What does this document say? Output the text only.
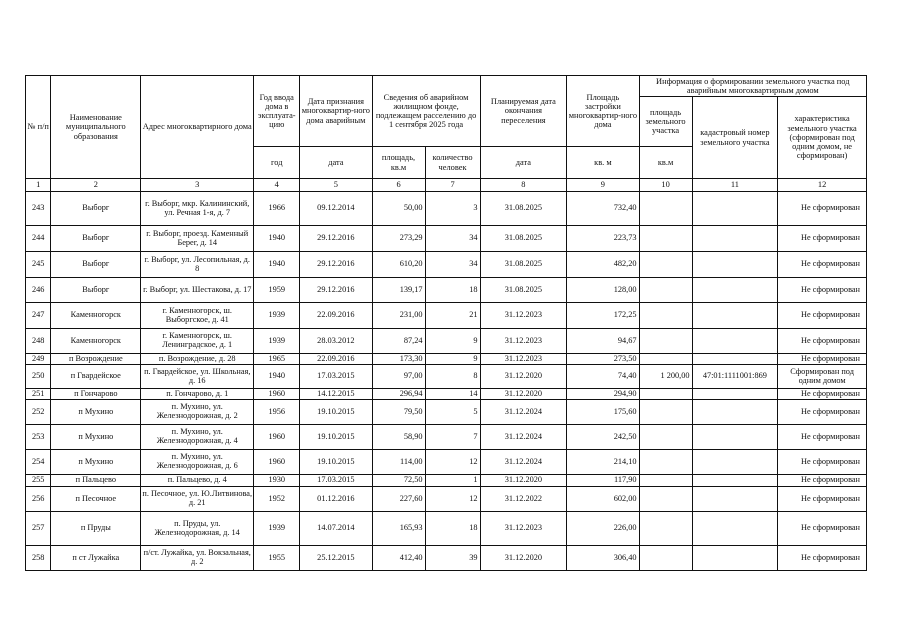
№ п/п	Наименование муниципального образования	Адрес многоквартирного дома	Год ввода дома в эксплуата-цию	Дата признания многоквартир-ного дома аварийным	Сведения об аварийном жилищном фонде, подлежащем расселению до 1 сентября 2025 года		Планируемая дата окончания переселения	Площадь застройки многоквартир-ного дома	Информация о формировании земельного участка под аварийным многоквартирным домом		
									площадь земельного участка	кадастровый номер земельного участка	характеристика земельного участка (сформирован под одним домом, не сформирован)
			год	дата	площадь, кв.м	количество человек	дата	кв. м	кв.м		
1	2	3	4	5	6	7	8	9	10	11	12
243	Выборг	г. Выборг, мкр. Калининский, ул. Речная 1-я, д. 7	1966	09.12.2014	50,00	3	31.08.2025	732,40			Не сформирован
244	Выборг	г. Выборг, проезд. Каменный Берег, д. 14	1940	29.12.2016	273,29	34	31.08.2025	223,73			Не сформирован
245	Выборг	г. Выборг, ул. Лесопильная, д. 8	1940	29.12.2016	610,20	34	31.08.2025	482,20			Не сформирован
246	Выборг	г. Выборг, ул. Шестакова, д. 17	1959	29.12.2016	139,17	18	31.08.2025	128,00			Не сформирован
247	Каменногорск	г. Каменногорск, ш. Выборгское, д. 41	1939	22.09.2016	231,00	21	31.12.2023	172,25			Не сформирован
248	Каменногорск	г. Каменногорск, ш. Ленинградское, д. 1	1939	28.03.2012	87,24	9	31.12.2023	94,67			Не сформирован
249	п Возрождение	п. Возрождение, д. 28	1965	22.09.2016	173,30	9	31.12.2023	273,50			Не сформирован
250	п Гвардейское	п. Гвардейское, ул. Школьная, д. 16	1940	17.03.2015	97,00	8	31.12.2020	74,40	1 200,00	47:01:1111001:869	Сформирован под одним домом
251	п Гончарово	п. Гончарово, д. 1	1960	14.12.2015	296,94	14	31.12.2020	294,90			Не сформирован
252	п Мухино	п. Мухино, ул. Железнодорожная, д. 2	1956	19.10.2015	79,50	5	31.12.2024	175,60			Не сформирован
253	п Мухино	п. Мухино, ул. Железнодорожная, д. 4	1960	19.10.2015	58,90	7	31.12.2024	242,50			Не сформирован
254	п Мухино	п. Мухино, ул. Железнодорожная, д. 6	1960	19.10.2015	114,00	12	31.12.2024	214,10			Не сформирован
255	п Пальцево	п. Пальцево, д. 4	1930	17.03.2015	72,50	1	31.12.2020	117,90			Не сформирован
256	п Песочное	п. Песочное, ул. Ю.Литвинова, д. 21	1952	01.12.2016	227,60	12	31.12.2022	602,00			Не сформирован
257	п Пруды	п. Пруды, ул. Железнодорожная, д. 14	1939	14.07.2014	165,93	18	31.12.2023	226,00			Не сформирован
258	п ст Лужайка	п/ст. Лужайка, ул. Вокзальная, д. 2	1955	25.12.2015	412,40	39	31.12.2020	306,40			Не сформирован
